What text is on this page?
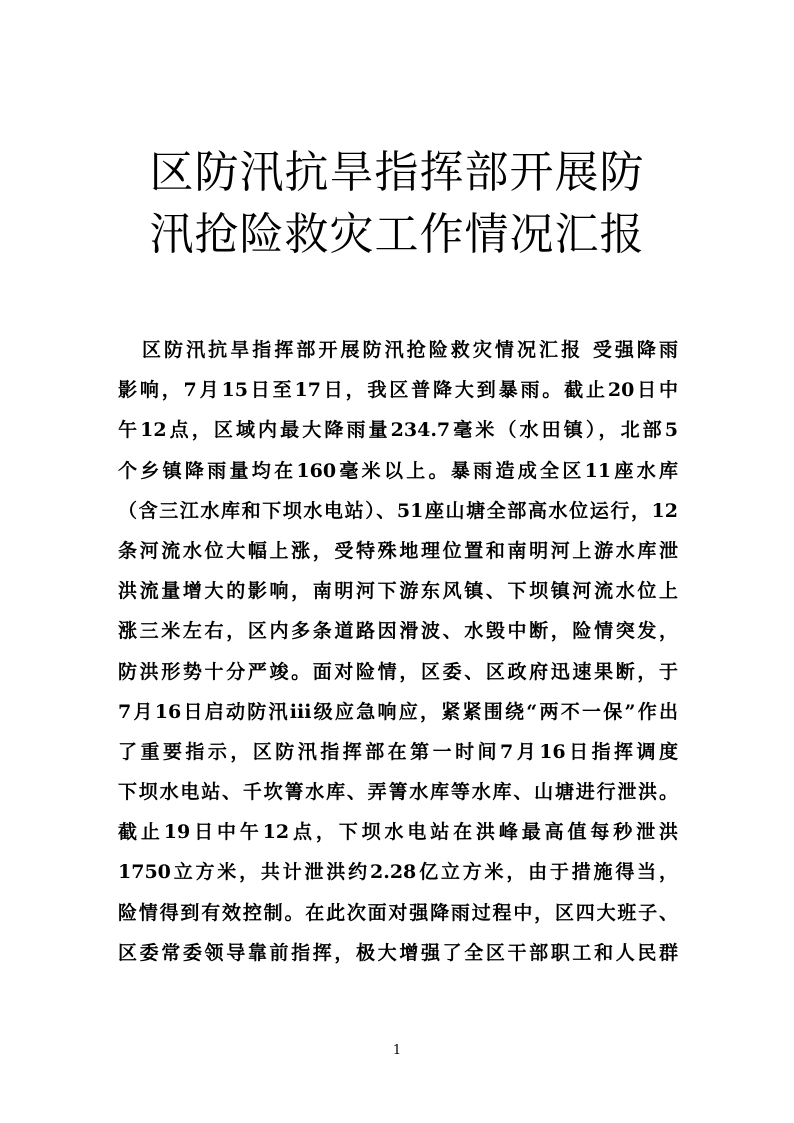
区防汛抗旱指挥部开展防
汛抢险救灾工作情况汇报
区防汛抗旱指挥部开展防汛抢险救灾情况汇报 受强降雨
影响，7月15日至17日，我区普降大到暴雨。截止20日中
午12点，区域内最大降雨量234.7毫米（水田镇），北部5
个乡镇降雨量均在160毫米以上。暴雨造成全区11座水库
（含三江水库和下坝水电站）、51座山塘全部高水位运行，12
条河流水位大幅上涨，受特殊地理位置和南明河上游水库泄
洪流量增大的影响，南明河下游东风镇、下坝镇河流水位上
涨三米左右，区内多条道路因滑波、水毁中断，险情突发，
防洪形势十分严竣。面对险情，区委、区政府迅速果断，于
7月16日启动防汛iii级应急响应，紧紧围绕“两不一保”作出
了重要指示，区防汛指挥部在第一时间7月16日指挥调度
下坝水电站、千坎箐水库、弄箐水库等水库、山塘进行泄洪。
截止19日中午12点，下坝水电站在洪峰最高值每秒泄洪
1750立方米，共计泄洪约2.28亿立方米，由于措施得当，
险情得到有效控制。在此次面对强降雨过程中，区四大班子、
区委常委领导靠前指挥，极大增强了全区干部职工和人民群
1
